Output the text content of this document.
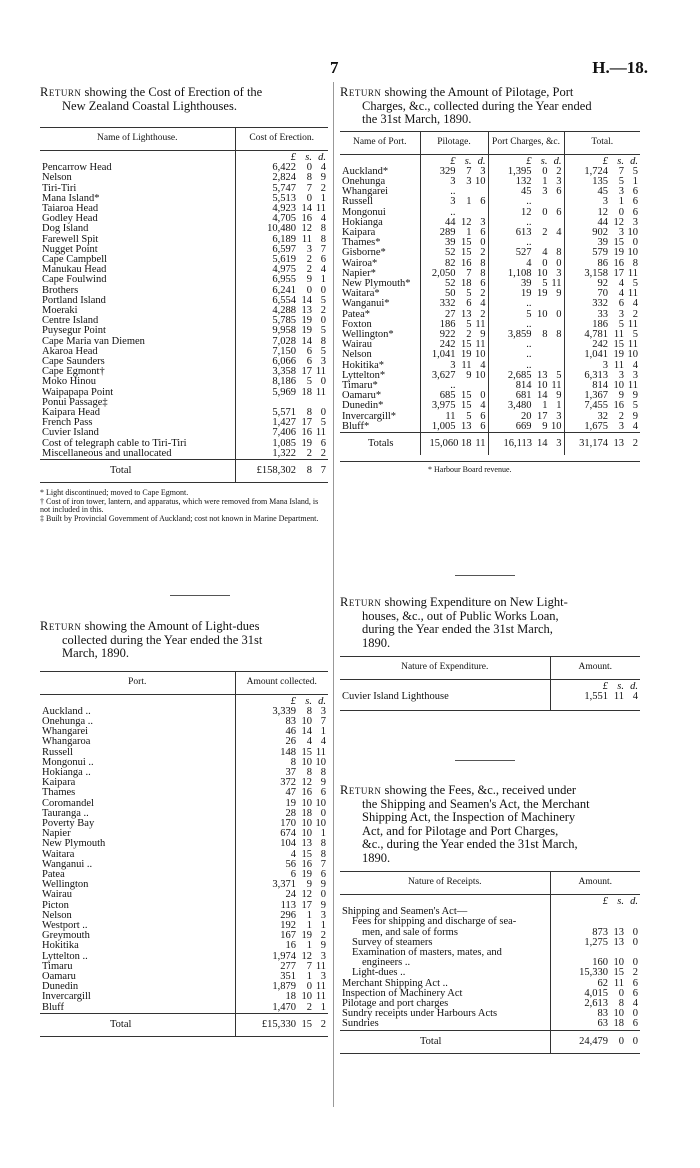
7	H.—18.
Return showing the Cost of Erection of the
New Zealand Coastal Lighthouses.
Name of Lighthouse.	Cost of Erection.
	£ s. d.
Pencarrow Head	6,422 0 4
Nelson	2,824 8 9
Tiri-Tiri	5,747 7 2
Mana Island*	5,513 0 1
Taiaroa Head	4,923 14 11
Godley Head	4,705 16 4
Dog Island	10,480 12 8
Farewell Spit	6,189 11 8
Nugget Point	6,597 3 7
Cape Campbell	5,619 2 6
Manukau Head	4,975 2 4
Cape Foulwind	6,955 9 1
Brothers	6,241 0 0
Portland Island	6,554 14 5
Moeraki	4,288 13 2
Centre Island	5,785 19 0
Puysegur Point	9,958 19 5
Cape Maria van Diemen	7,028 14 8
Akaroa Head	7,150 6 5
Cape Saunders	6,066 6 3
Cape Egmont†	3,358 17 11
Moko Hinou	8,186 5 0
Waipapapa Point	5,969 18 11
Ponui Passage‡	
Kaipara Head	5,571 8 0
French Pass	1,427 17 5
Cuvier Island	7,406 16 11
Cost of telegraph cable to Tiri-Tiri	1,085 19 6
Miscellaneous and unallocated	1,322 2 2
Total	£158,302 8 7
* Light discontinued; moved to Cape Egmont.
† Cost of iron tower, lantern, and apparatus, which were removed from Mana Island, is not included in this.
‡ Built by Provincial Government of Auckland; cost not known in Marine Department.
Return showing the Amount of Light-dues
collected during the Year ended the 31st
March, 1890.
Port.	Amount collected.
	£ s. d.
Auckland ..	3,339 8 3
Onehunga ..	83 10 7
Whangarei	46 14 1
Whangaroa	26 4 4
Russell	148 15 11
Mongonui ..	8 10 10
Hokianga ..	37 8 8
Kaipara	372 12 9
Thames	47 16 6
Coromandel	19 10 10
Tauranga ..	28 18 0
Poverty Bay	170 10 10
Napier	674 10 1
New Plymouth	104 13 8
Waitara	4 15 8
Wanganui ..	56 16 7
Patea	6 19 6
Wellington	3,371 9 9
Wairau	24 12 0
Picton	113 17 9
Nelson	296 1 3
Westport ..	192 1 1
Greymouth	167 19 2
Hokitika	16 1 9
Lyttelton ..	1,974 12 3
Timaru	277 7 11
Oamaru	351 1 3
Dunedin	1,879 0 11
Invercargill	18 10 11
Bluff	1,470 2 1
Total	£15,330 15 2
Return showing the Amount of Pilotage, Port
Charges, &c., collected during the Year ended
the 31st March, 1890.
Name of Port.	Pilotage.	Port Charges, &c.	Total.
	£ s. d.	£ s. d.	£ s. d.
Auckland*	329 7 3	1,395 0 2	1,724 7 5
Onehunga	3 3 10	132 1 3	135 5 1
Whangarei	..	45 3 6	45 3 6
Russell	3 1 6	..	3 1 6
Mongonui	..	12 0 6	12 0 6
Hokianga	44 12 3	..	44 12 3
Kaipara	289 1 6	613 2 4	902 3 10
Thames*	39 15 0	..	39 15 0
Gisborne*	52 15 2	527 4 8	579 19 10
Wairoa*	82 16 8	4 0 0	86 16 8
Napier*	2,050 7 8	1,108 10 3	3,158 17 11
New Plymouth*	52 18 6	39 5 11	92 4 5
Waitara*	50 5 2	19 19 9	70 4 11
Wanganui*	332 6 4	..	332 6 4
Patea*	27 13 2	5 10 0	33 3 2
Foxton	186 5 11	..	186 5 11
Wellington*	922 2 9	3,859 8 8	4,781 11 5
Wairau	242 15 11	..	242 15 11
Nelson	1,041 19 10	..	1,041 19 10
Hokitika*	3 11 4	..	3 11 4
Lyttelton*	3,627 9 10	2,685 13 5	6,313 3 3
Timaru*	..	814 10 11	814 10 11
Oamaru*	685 15 0	681 14 9	1,367 9 9
Dunedin*	3,975 15 4	3,480 1 1	7,455 16 5
Invercargill*	11 5 6	20 17 3	32 2 9
Bluff*	1,005 13 6	669 9 10	1,675 3 4
Totals	15,060 18 11	16,113 14 3	31,174 13 2
* Harbour Board revenue.
Return showing Expenditure on New Light-
houses, &c., out of Public Works Loan,
during the Year ended the 31st March,
1890.
Nature of Expenditure.	Amount.
	£ s. d.
Cuvier Island Lighthouse	1,551 11 4
Return showing the Fees, &c., received under
the Shipping and Seamen's Act, the Merchant
Shipping Act, the Inspection of Machinery
Act, and for Pilotage and Port Charges,
&c., during the Year ended the 31st March,
1890.
Nature of Receipts.	Amount.
	£ s. d.
Shipping and Seamen's Act—	
Fees for shipping and discharge of sea-	
men, and sale of forms	873 13 0
Survey of steamers	1,275 13 0
Examination of masters, mates, and	
engineers ..	160 10 0
Light-dues ..	15,330 15 2
Merchant Shipping Act ..	62 11 6
Inspection of Machinery Act	4,015 0 6
Pilotage and port charges	2,613 8 4
Sundry receipts under Harbours Acts	83 10 0
Sundries	63 18 6
Total	24,479 0 0
